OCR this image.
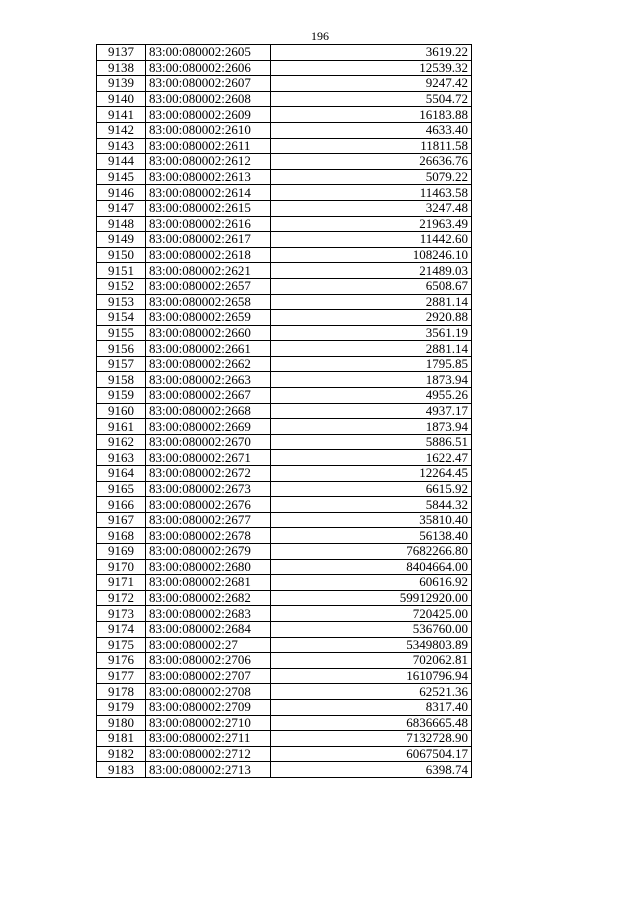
196
9137	83:00:080002:2605	3619.22
9138	83:00:080002:2606	12539.32
9139	83:00:080002:2607	9247.42
9140	83:00:080002:2608	5504.72
9141	83:00:080002:2609	16183.88
9142	83:00:080002:2610	4633.40
9143	83:00:080002:2611	11811.58
9144	83:00:080002:2612	26636.76
9145	83:00:080002:2613	5079.22
9146	83:00:080002:2614	11463.58
9147	83:00:080002:2615	3247.48
9148	83:00:080002:2616	21963.49
9149	83:00:080002:2617	11442.60
9150	83:00:080002:2618	108246.10
9151	83:00:080002:2621	21489.03
9152	83:00:080002:2657	6508.67
9153	83:00:080002:2658	2881.14
9154	83:00:080002:2659	2920.88
9155	83:00:080002:2660	3561.19
9156	83:00:080002:2661	2881.14
9157	83:00:080002:2662	1795.85
9158	83:00:080002:2663	1873.94
9159	83:00:080002:2667	4955.26
9160	83:00:080002:2668	4937.17
9161	83:00:080002:2669	1873.94
9162	83:00:080002:2670	5886.51
9163	83:00:080002:2671	1622.47
9164	83:00:080002:2672	12264.45
9165	83:00:080002:2673	6615.92
9166	83:00:080002:2676	5844.32
9167	83:00:080002:2677	35810.40
9168	83:00:080002:2678	56138.40
9169	83:00:080002:2679	7682266.80
9170	83:00:080002:2680	8404664.00
9171	83:00:080002:2681	60616.92
9172	83:00:080002:2682	59912920.00
9173	83:00:080002:2683	720425.00
9174	83:00:080002:2684	536760.00
9175	83:00:080002:27	5349803.89
9176	83:00:080002:2706	702062.81
9177	83:00:080002:2707	1610796.94
9178	83:00:080002:2708	62521.36
9179	83:00:080002:2709	8317.40
9180	83:00:080002:2710	6836665.48
9181	83:00:080002:2711	7132728.90
9182	83:00:080002:2712	6067504.17
9183	83:00:080002:2713	6398.74
